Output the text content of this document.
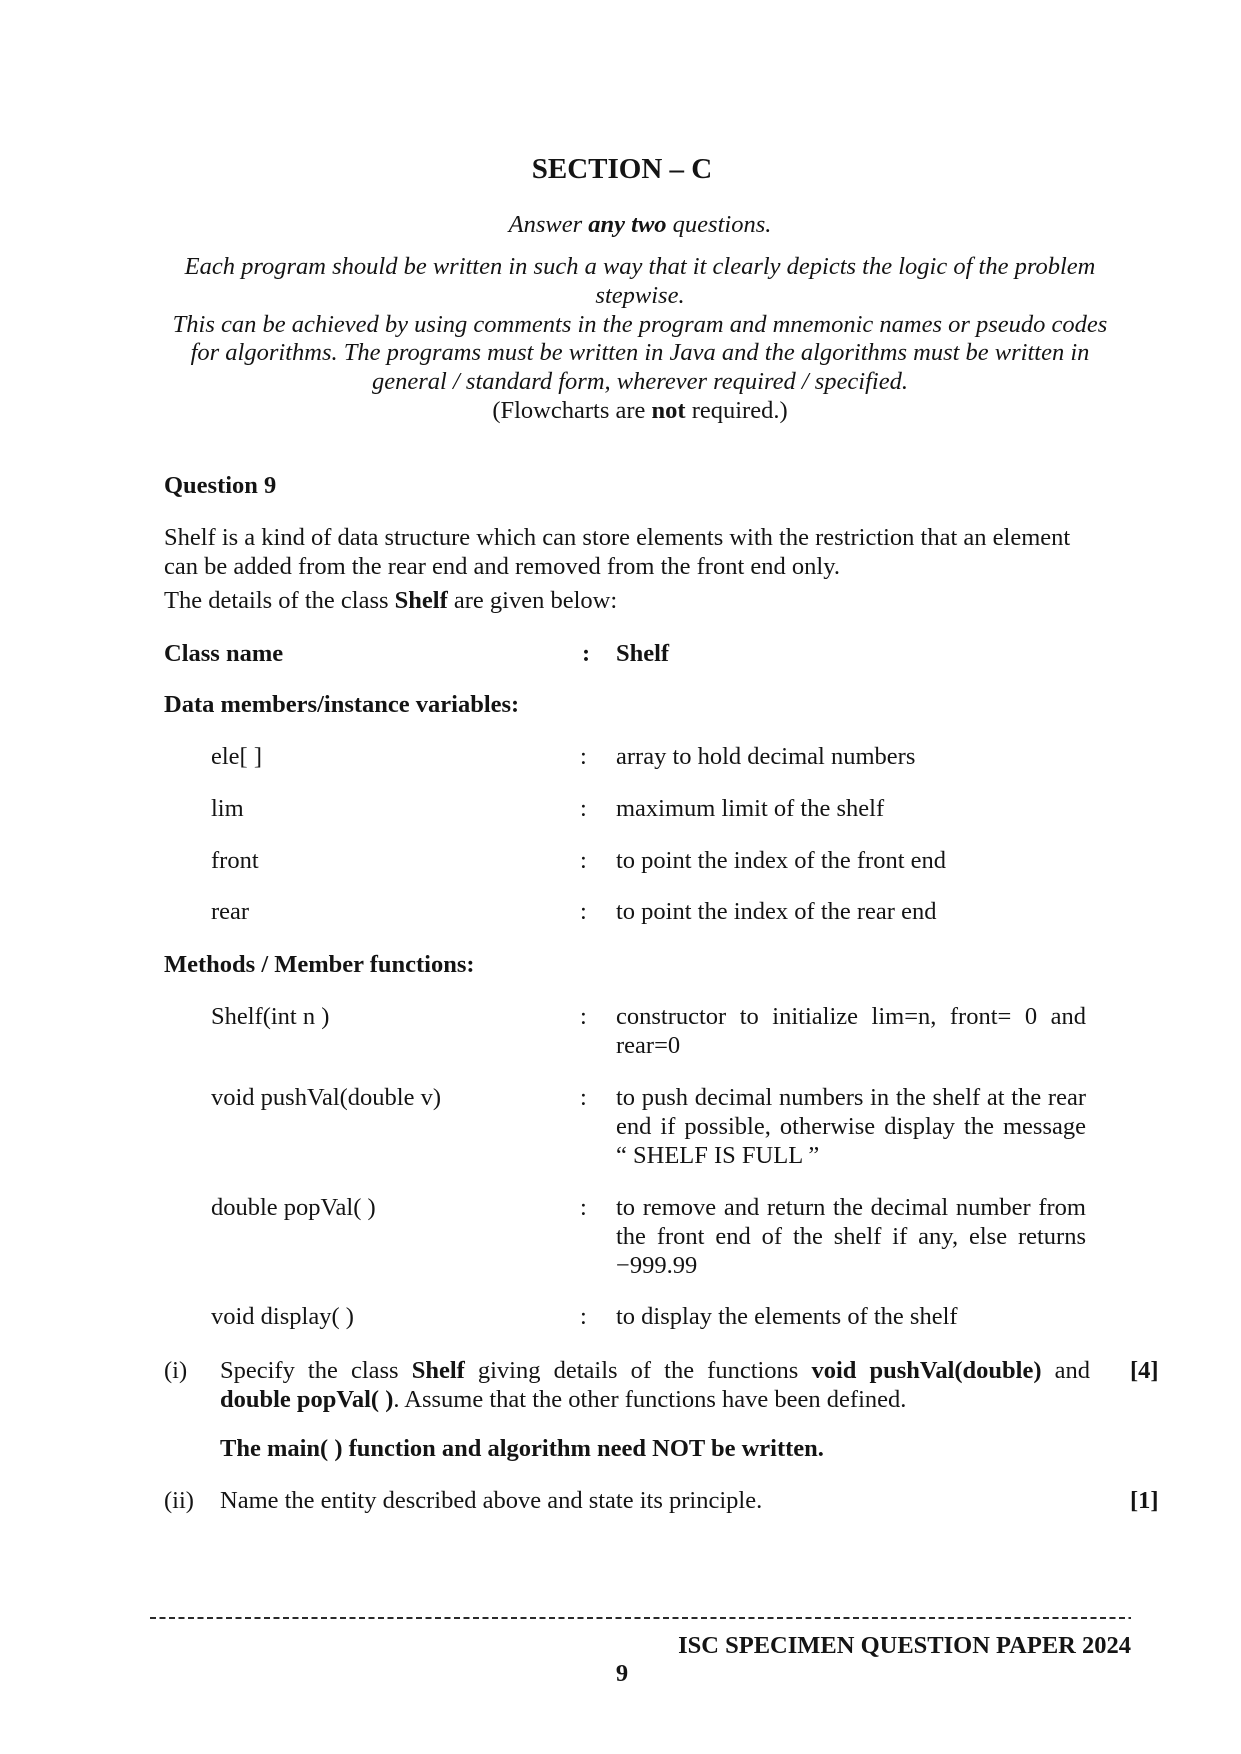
SECTION – C
Answer any two questions.
Each program should be written in such a way that it clearly depicts the logic of the problem
stepwise.
This can be achieved by using comments in the program and mnemonic names or pseudo codes
for algorithms. The programs must be written in Java and the algorithms must be written in
general / standard form, wherever required / specified.
(Flowcharts are not required.)
Question 9
Shelf is a kind of data structure which can store elements with the restriction that an element
can be added from the rear end and removed from the front end only.
The details of the class Shelf are given below:
Class name	: Shelf
Data members/instance variables:
ele[ ]	: array to hold decimal numbers
lim	: maximum limit of the shelf
front	: to point the index of the front end
rear	: to point the index of the rear end
Methods / Member functions:
Shelf(int n )	: constructor to initialize lim=n, front= 0 and
rear=0
void pushVal(double v)	: to push decimal numbers in the shelf at the rear
end if possible, otherwise display the message
“ SHELF IS FULL ”
double popVal( )	: to remove and return the decimal number from
the front end of the shelf if any, else returns
−999.99
void display( )	: to display the elements of the shelf
(i) Specify the class Shelf giving details of the functions void pushVal(double) and
double popVal( ). Assume that the other functions have been defined.
[4]
The main( ) function and algorithm need NOT be written.
(ii) Name the entity described above and state its principle.	[1]
ISC SPECIMEN QUESTION PAPER 2024
9
